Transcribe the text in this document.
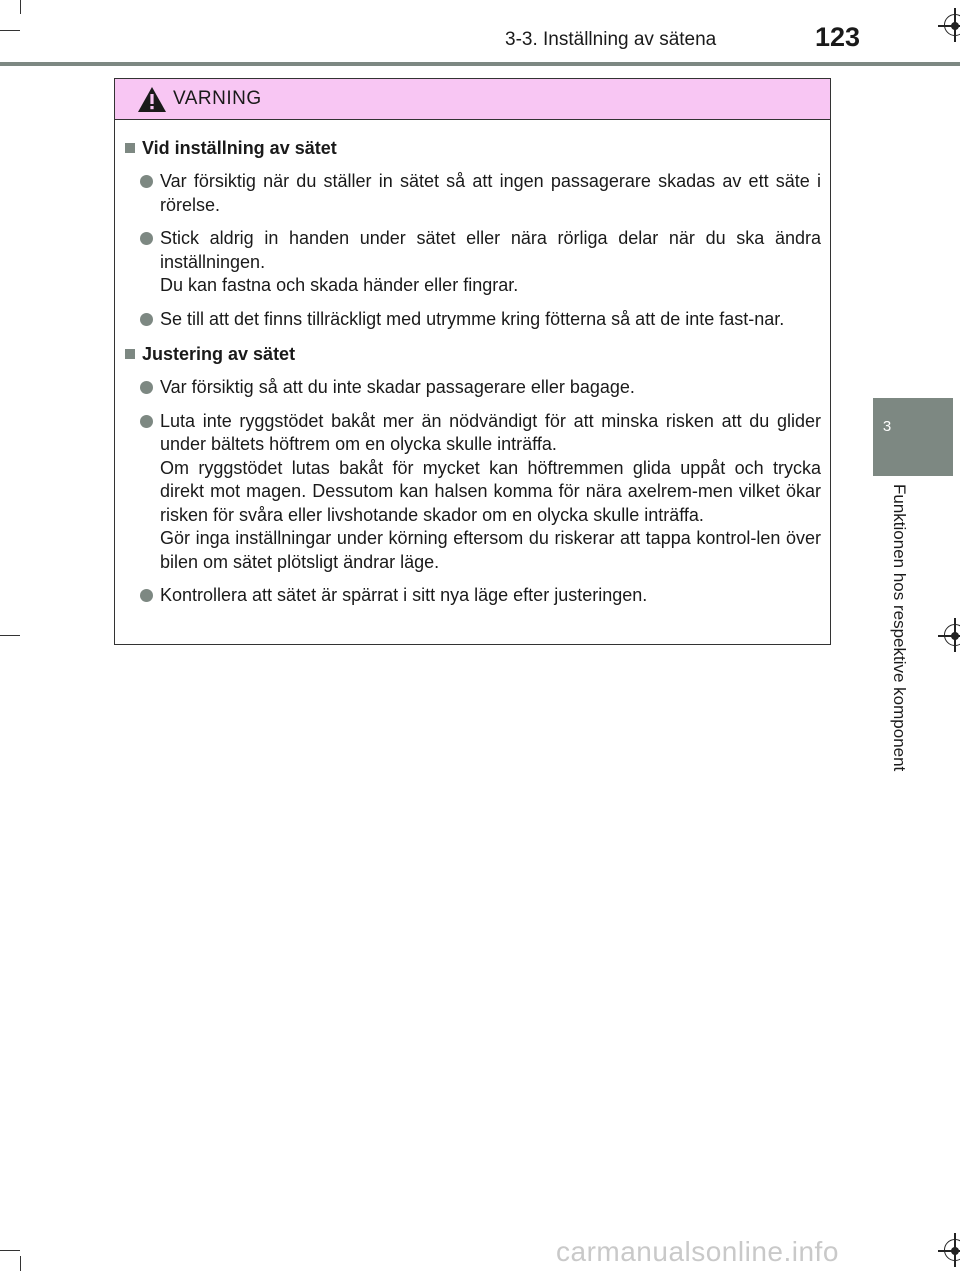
3-3. Inställning av sätena	123
3
Funktionen hos respektive komponent
VARNING
Vid inställning av sätet

Var försiktig när du ställer in sätet så att ingen passagerare skadas av ett säte i rörelse.

Stick aldrig in handen under sätet eller nära rörliga delar när du ska ändra inställningen.

Du kan fastna och skada händer eller fingrar.

Se till att det finns tillräckligt med utrymme kring fötterna så att de inte fast-nar.

Justering av sätet

Var försiktig så att du inte skadar passagerare eller bagage.

Luta inte ryggstödet bakåt mer än nödvändigt för att minska risken att du glider under bältets höftrem om en olycka skulle inträffa.

Om ryggstödet lutas bakåt för mycket kan höftremmen glida uppåt och trycka direkt mot magen. Dessutom kan halsen komma för nära axelrem-men vilket ökar risken för svåra eller livshotande skador om en olycka skulle inträffa.

Gör inga inställningar under körning eftersom du riskerar att tappa kontrol-len över bilen om sätet plötsligt ändrar läge.

Kontrollera att sätet är spärrat i sitt nya läge efter justeringen.

carmanualsonline.info
